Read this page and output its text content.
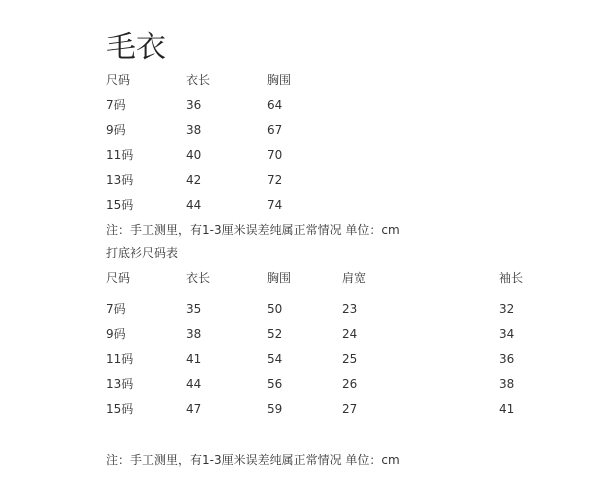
毛衣
尺码	衣长	胸围
7码	36	64
9码	38	67
11码	40	70
13码	42	72
15码	44	74
注：手工测里，有1-3厘米误差纯属正常情况 单位：cm
打底衫尺码表
尺码	衣长	胸围	肩宽	袖长
7码	35	50	23	32
9码	38	52	24	34
11码	41	54	25	36
13码	44	56	26	38
15码	47	59	27	41
注：手工测里，有1-3厘米误差纯属正常情况 单位：cm
